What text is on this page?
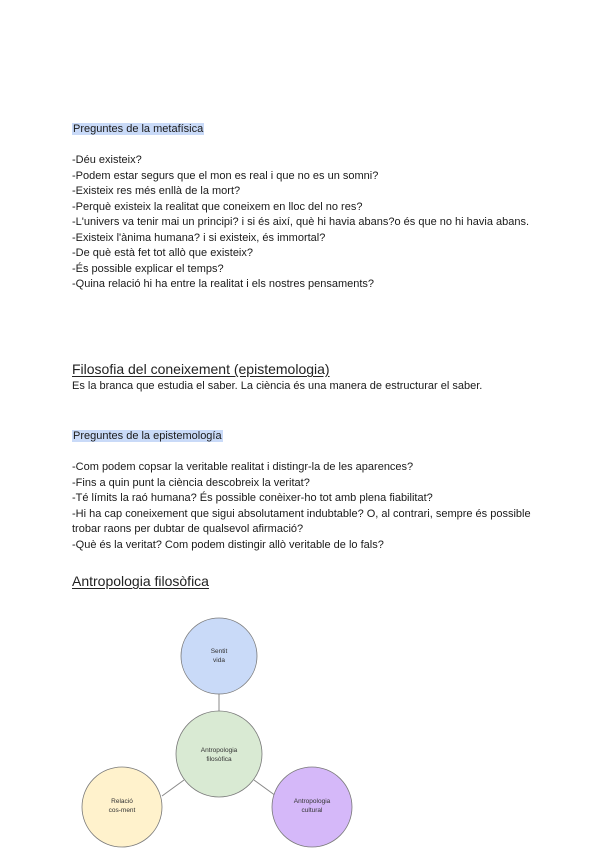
Preguntes de la metafísica
-Déu existeix?
-Podem estar segurs que el mon es real i que no es un somni?
-Existeix res més enllà de la mort?
-Perquè existeix la realitat que coneixem en lloc del no res?
-L'univers va tenir mai un principi? i si és així, què hi havia abans?o és que no hi havia abans.
-Existeix l'ànima humana? i si existeix, és immortal?
-De què està fet tot allò que existeix?
-És possible explicar el temps?
-Quina relació hi ha entre la realitat i els nostres pensaments?
Filosofia del coneixement (epistemologia)
Es la branca que estudia el saber. La ciència és una manera de estructurar el saber.
Preguntes de la epistemología
-Com podem copsar la veritable realitat i distingr-la de les aparences?
-Fins a quin punt la ciència descobreix la veritat?
-Té límits la raó humana? És possible conèixer-ho tot amb plena fiabilitat?
-Hi ha cap coneixement que sigui absolutament indubtable? O, al contrari, sempre és possible trobar raons per dubtar de qualsevol afirmació?
-Què és la veritat? Com podem distingir allò veritable de lo fals?
Antropologia filosòfica
Sentit
vida
Antropologia
filosòfica
Relació
cos-ment
Antropologia
cultural
